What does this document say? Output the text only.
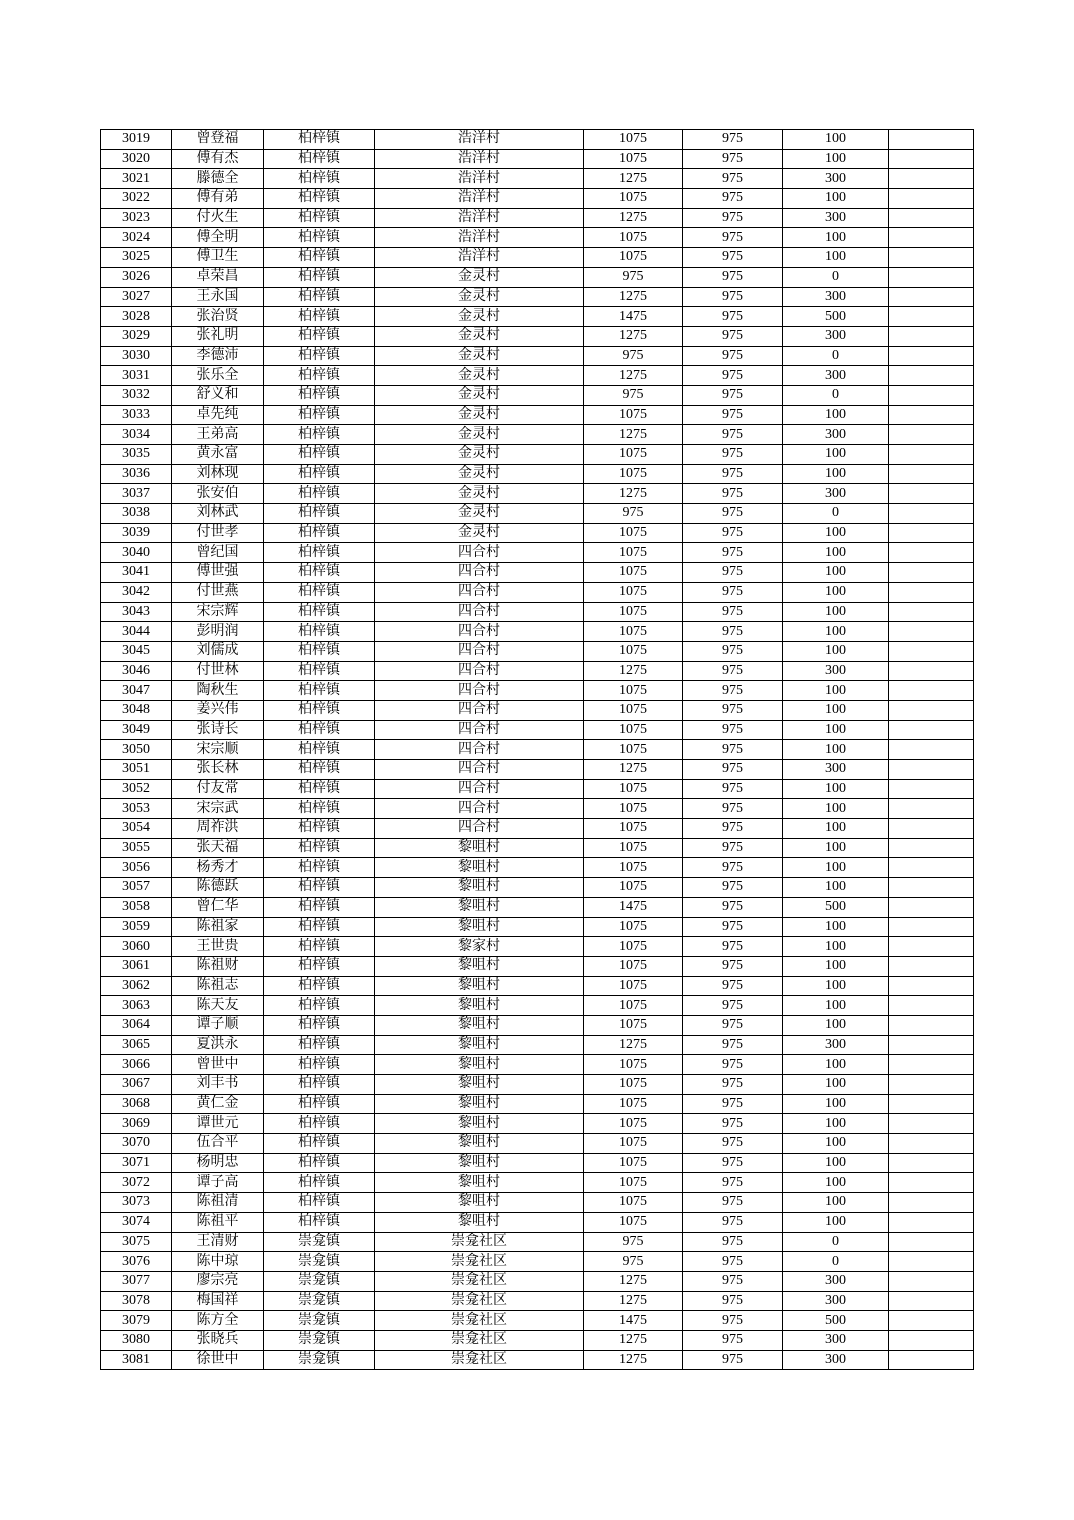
3019	曾登福	柏梓镇	浩洋村	1075	975	100	
3020	傅有杰	柏梓镇	浩洋村	1075	975	100	
3021	滕德全	柏梓镇	浩洋村	1275	975	300	
3022	傅有弟	柏梓镇	浩洋村	1075	975	100	
3023	付火生	柏梓镇	浩洋村	1275	975	300	
3024	傅全明	柏梓镇	浩洋村	1075	975	100	
3025	傅卫生	柏梓镇	浩洋村	1075	975	100	
3026	卓荣昌	柏梓镇	金灵村	975	975	0	
3027	王永国	柏梓镇	金灵村	1275	975	300	
3028	张治贤	柏梓镇	金灵村	1475	975	500	
3029	张礼明	柏梓镇	金灵村	1275	975	300	
3030	李德沛	柏梓镇	金灵村	975	975	0	
3031	张乐全	柏梓镇	金灵村	1275	975	300	
3032	舒义和	柏梓镇	金灵村	975	975	0	
3033	卓先纯	柏梓镇	金灵村	1075	975	100	
3034	王弟高	柏梓镇	金灵村	1275	975	300	
3035	黄永富	柏梓镇	金灵村	1075	975	100	
3036	刘林现	柏梓镇	金灵村	1075	975	100	
3037	张安伯	柏梓镇	金灵村	1275	975	300	
3038	刘林武	柏梓镇	金灵村	975	975	0	
3039	付世孝	柏梓镇	金灵村	1075	975	100	
3040	曾纪国	柏梓镇	四合村	1075	975	100	
3041	傅世强	柏梓镇	四合村	1075	975	100	
3042	付世燕	柏梓镇	四合村	1075	975	100	
3043	宋宗辉	柏梓镇	四合村	1075	975	100	
3044	彭明润	柏梓镇	四合村	1075	975	100	
3045	刘儒成	柏梓镇	四合村	1075	975	100	
3046	付世林	柏梓镇	四合村	1275	975	300	
3047	陶秋生	柏梓镇	四合村	1075	975	100	
3048	姜兴伟	柏梓镇	四合村	1075	975	100	
3049	张诗长	柏梓镇	四合村	1075	975	100	
3050	宋宗顺	柏梓镇	四合村	1075	975	100	
3051	张长林	柏梓镇	四合村	1275	975	300	
3052	付友常	柏梓镇	四合村	1075	975	100	
3053	宋宗武	柏梓镇	四合村	1075	975	100	
3054	周祚洪	柏梓镇	四合村	1075	975	100	
3055	张天福	柏梓镇	黎咀村	1075	975	100	
3056	杨秀才	柏梓镇	黎咀村	1075	975	100	
3057	陈德跃	柏梓镇	黎咀村	1075	975	100	
3058	曾仁华	柏梓镇	黎咀村	1475	975	500	
3059	陈祖家	柏梓镇	黎咀村	1075	975	100	
3060	王世贵	柏梓镇	黎家村	1075	975	100	
3061	陈祖财	柏梓镇	黎咀村	1075	975	100	
3062	陈祖志	柏梓镇	黎咀村	1075	975	100	
3063	陈天友	柏梓镇	黎咀村	1075	975	100	
3064	谭子顺	柏梓镇	黎咀村	1075	975	100	
3065	夏洪永	柏梓镇	黎咀村	1275	975	300	
3066	曾世中	柏梓镇	黎咀村	1075	975	100	
3067	刘丰书	柏梓镇	黎咀村	1075	975	100	
3068	黄仁金	柏梓镇	黎咀村	1075	975	100	
3069	谭世元	柏梓镇	黎咀村	1075	975	100	
3070	伍合平	柏梓镇	黎咀村	1075	975	100	
3071	杨明忠	柏梓镇	黎咀村	1075	975	100	
3072	谭子高	柏梓镇	黎咀村	1075	975	100	
3073	陈祖清	柏梓镇	黎咀村	1075	975	100	
3074	陈祖平	柏梓镇	黎咀村	1075	975	100	
3075	王清财	崇龛镇	崇龛社区	975	975	0	
3076	陈中琼	崇龛镇	崇龛社区	975	975	0	
3077	廖宗亮	崇龛镇	崇龛社区	1275	975	300	
3078	梅国祥	崇龛镇	崇龛社区	1275	975	300	
3079	陈方全	崇龛镇	崇龛社区	1475	975	500	
3080	张晓兵	崇龛镇	崇龛社区	1275	975	300	
3081	徐世中	崇龛镇	崇龛社区	1275	975	300	
